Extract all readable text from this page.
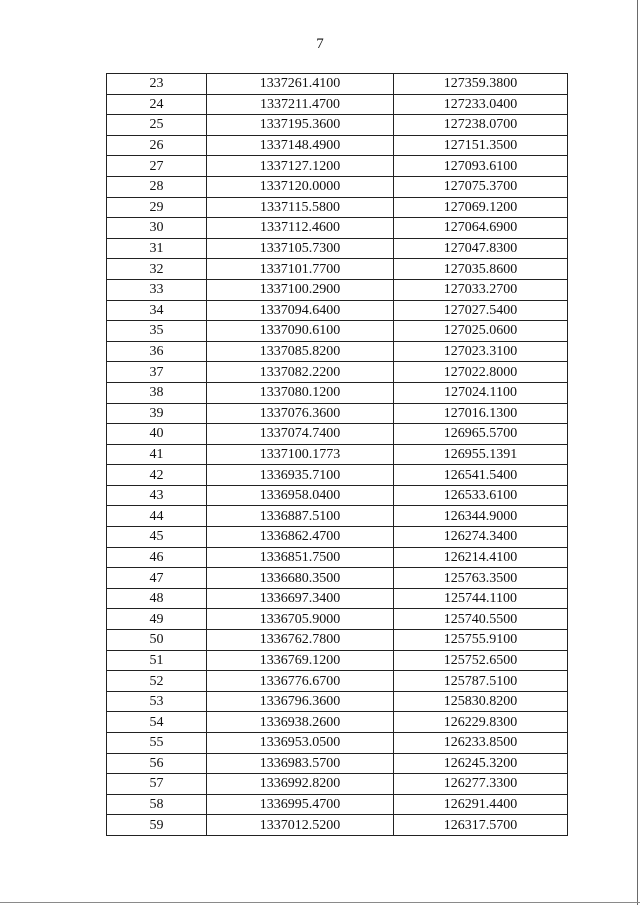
7
23	1337261.4100	127359.3800
24	1337211.4700	127233.0400
25	1337195.3600	127238.0700
26	1337148.4900	127151.3500
27	1337127.1200	127093.6100
28	1337120.0000	127075.3700
29	1337115.5800	127069.1200
30	1337112.4600	127064.6900
31	1337105.7300	127047.8300
32	1337101.7700	127035.8600
33	1337100.2900	127033.2700
34	1337094.6400	127027.5400
35	1337090.6100	127025.0600
36	1337085.8200	127023.3100
37	1337082.2200	127022.8000
38	1337080.1200	127024.1100
39	1337076.3600	127016.1300
40	1337074.7400	126965.5700
41	1337100.1773	126955.1391
42	1336935.7100	126541.5400
43	1336958.0400	126533.6100
44	1336887.5100	126344.9000
45	1336862.4700	126274.3400
46	1336851.7500	126214.4100
47	1336680.3500	125763.3500
48	1336697.3400	125744.1100
49	1336705.9000	125740.5500
50	1336762.7800	125755.9100
51	1336769.1200	125752.6500
52	1336776.6700	125787.5100
53	1336796.3600	125830.8200
54	1336938.2600	126229.8300
55	1336953.0500	126233.8500
56	1336983.5700	126245.3200
57	1336992.8200	126277.3300
58	1336995.4700	126291.4400
59	1337012.5200	126317.5700
